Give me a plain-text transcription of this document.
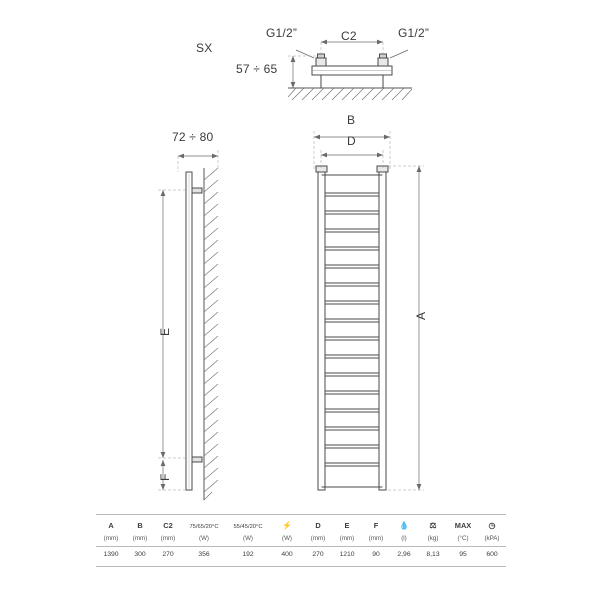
SX
G1/2”	C2	G1/2”
57 ÷ 65
72 ÷ 80
E
F
B
D
A
A	B	C2	75/65/20°C	55/45/20°C	⚡	D	E	F	💧	⚖	MAX	◷
(mm)	(mm)	(mm)	(W)	(W)	(W)	(mm)	(mm)	(mm)	(l)	(kg)	(°C)	(kPA)
1390	300	270	356	192	400	270	1210	90	2,96	8,13	95	600
